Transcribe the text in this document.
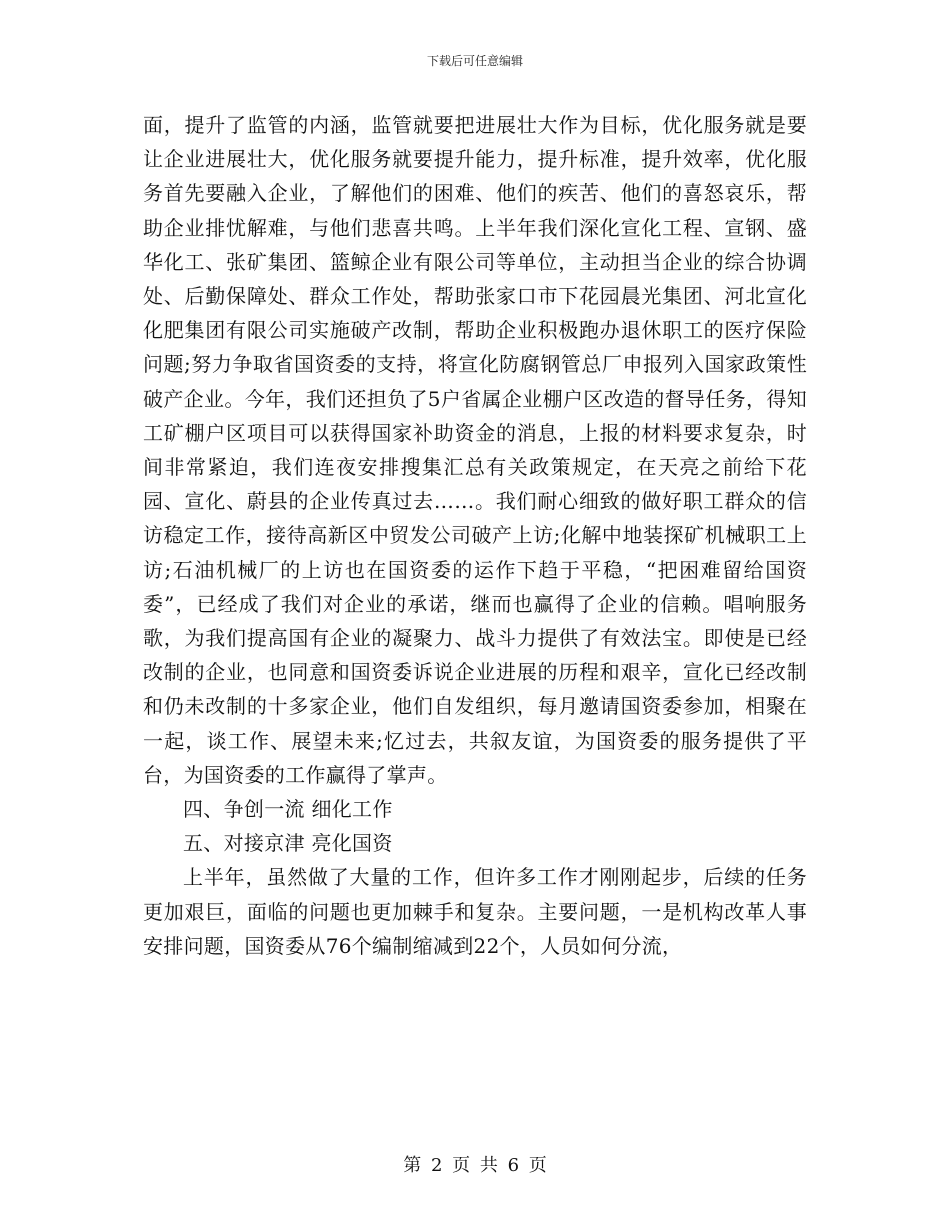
下载后可任意编辑

面，提升了监管的内涵，监管就要把进展壮大作为目标，优化服务就是要让企业进展壮大，优化服务就要提升能力，提升标准，提升效率，优化服务首先要融入企业，了解他们的困难、他们的疾苦、他们的喜怒哀乐，帮助企业排忧解难，与他们悲喜共鸣。上半年我们深化宣化工程、宣钢、盛华化工、张矿集团、篮鲸企业有限公司等单位，主动担当企业的综合协调处、后勤保障处、群众工作处，帮助张家口市下花园晨光集团、河北宣化化肥集团有限公司实施破产改制，帮助企业积极跑办退休职工的医疗保险问题;努力争取省国资委的支持，将宣化防腐钢管总厂申报列入国家政策性破产企业。今年，我们还担负了5户省属企业棚户区改造的督导任务，得知工矿棚户区项目可以获得国家补助资金的消息，上报的材料要求复杂，时间非常紧迫，我们连夜安排搜集汇总有关政策规定，在天亮之前给下花园、宣化、蔚县的企业传真过去……。我们耐心细致的做好职工群众的信访稳定工作，接待高新区中贸发公司破产上访;化解中地装探矿机械职工上访;石油机械厂的上访也在国资委的运作下趋于平稳，“把困难留给国资委”，已经成了我们对企业的承诺，继而也赢得了企业的信赖。唱响服务歌，为我们提高国有企业的凝聚力、战斗力提供了有效法宝。即使是已经改制的企业，也同意和国资委诉说企业进展的历程和艰辛，宣化已经改制和仍未改制的十多家企业，他们自发组织，每月邀请国资委参加，相聚在一起，谈工作、展望未来;忆过去，共叙友谊，为国资委的服务提供了平台，为国资委的工作赢得了掌声。

四、争创一流 细化工作

五、对接京津 亮化国资

上半年，虽然做了大量的工作，但许多工作才刚刚起步，后续的任务更加艰巨，面临的问题也更加棘手和复杂。主要问题，一是机构改革人事安排问题，国资委从76个编制缩减到22个，人员如何分流，

第 2 页 共 6 页
